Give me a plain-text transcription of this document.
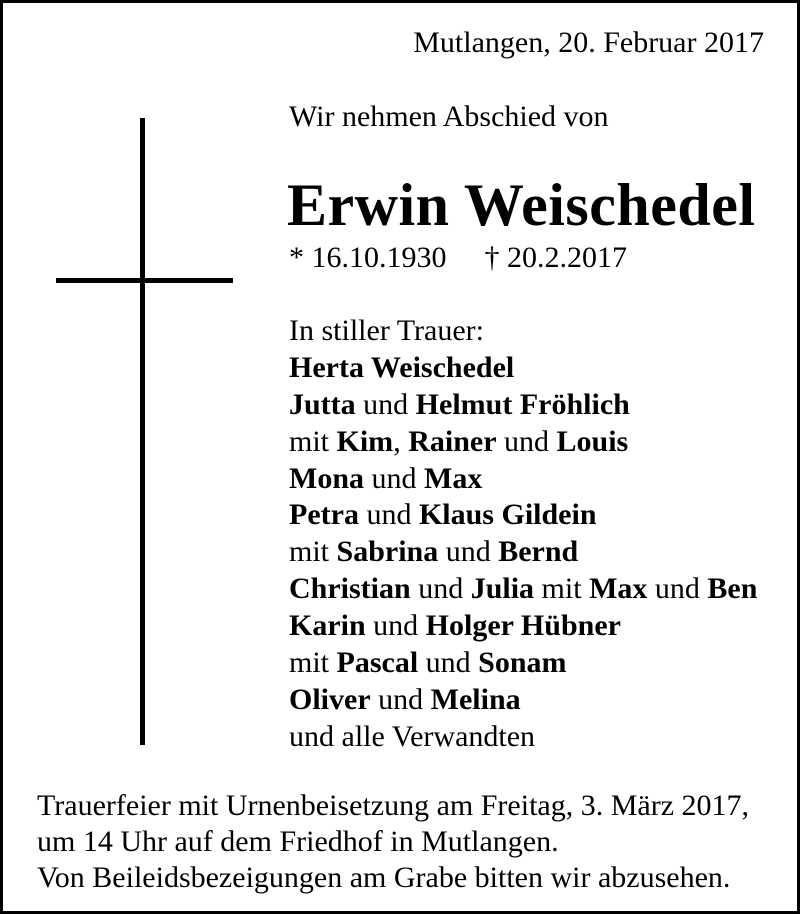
Mutlangen, 20. Februar 2017
Wir nehmen Abschied von
Erwin Weischedel
* 16.10.1930 † 20.2.2017
In stiller Trauer:
Herta Weischedel
Jutta und Helmut Fröhlich
mit Kim, Rainer und Louis
Mona und Max
Petra und Klaus Gildein
mit Sabrina und Bernd
Christian und Julia mit Max und Ben
Karin und Holger Hübner
mit Pascal und Sonam
Oliver und Melina
und alle Verwandten
Trauerfeier mit Urnenbeisetzung am Freitag, 3. März 2017,
um 14 Uhr auf dem Friedhof in Mutlangen.
Von Beileidsbezeigungen am Grabe bitten wir abzusehen.
